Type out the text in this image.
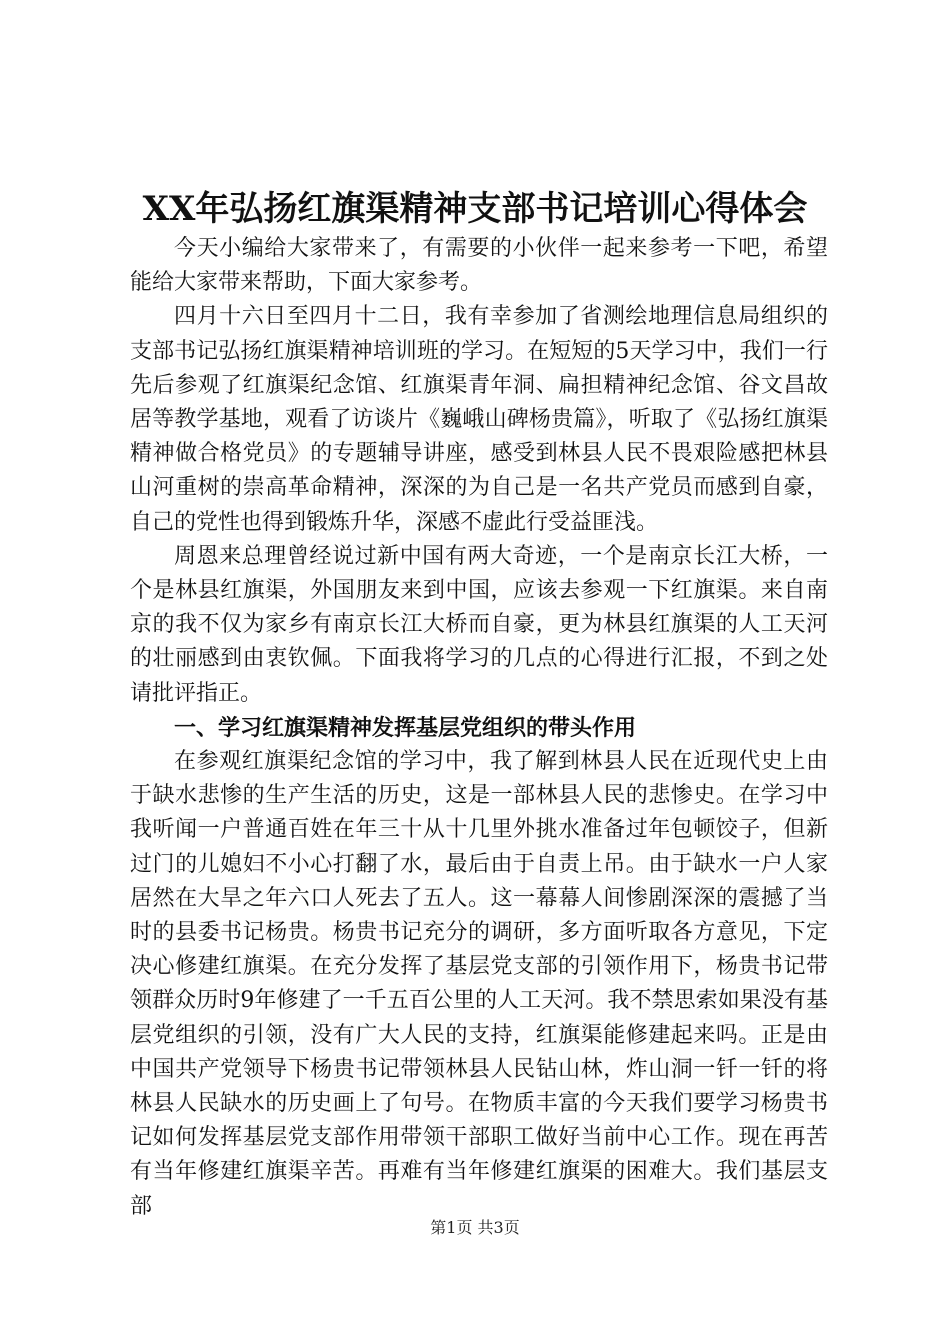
XX年弘扬红旗渠精神支部书记培训心得体会

今天小编给大家带来了，有需要的小伙伴一起来参考一下吧，希望能给大家带来帮助，下面大家参考。

四月十六日至四月十二日，我有幸参加了省测绘地理信息局组织的支部书记弘扬红旗渠精神培训班的学习。在短短的5天学习中，我们一行先后参观了红旗渠纪念馆、红旗渠青年洞、扁担精神纪念馆、谷文昌故居等教学基地，观看了访谈片《巍峨山碑杨贵篇》，听取了《弘扬红旗渠精神做合格党员》的专题辅导讲座，感受到林县人民不畏艰险感把林县山河重树的崇高革命精神，深深的为自己是一名共产党员而感到自豪，自己的党性也得到锻炼升华，深感不虚此行受益匪浅。

周恩来总理曾经说过新中国有两大奇迹，一个是南京长江大桥，一个是林县红旗渠，外国朋友来到中国，应该去参观一下红旗渠。来自南京的我不仅为家乡有南京长江大桥而自豪，更为林县红旗渠的人工天河的壮丽感到由衷钦佩。下面我将学习的几点的心得进行汇报，不到之处请批评指正。

一、学习红旗渠精神发挥基层党组织的带头作用

在参观红旗渠纪念馆的学习中，我了解到林县人民在近现代史上由于缺水悲惨的生产生活的历史，这是一部林县人民的悲惨史。在学习中我听闻一户普通百姓在年三十从十几里外挑水准备过年包顿饺子，但新过门的儿媳妇不小心打翻了水，最后由于自责上吊。由于缺水一户人家居然在大旱之年六口人死去了五人。这一幕幕人间惨剧深深的震撼了当时的县委书记杨贵。杨贵书记充分的调研，多方面听取各方意见，下定决心修建红旗渠。在充分发挥了基层党支部的引领作用下，杨贵书记带领群众历时9年修建了一千五百公里的人工天河。我不禁思索如果没有基层党组织的引领，没有广大人民的支持，红旗渠能修建起来吗。正是由中国共产党领导下杨贵书记带领林县人民钻山林，炸山洞一钎一钎的将林县人民缺水的历史画上了句号。在物质丰富的今天我们要学习杨贵书记如何发挥基层党支部作用带领干部职工做好当前中心工作。现在再苦有当年修建红旗渠辛苦。再难有当年修建红旗渠的困难大。我们基层支部

第1页 共3页
